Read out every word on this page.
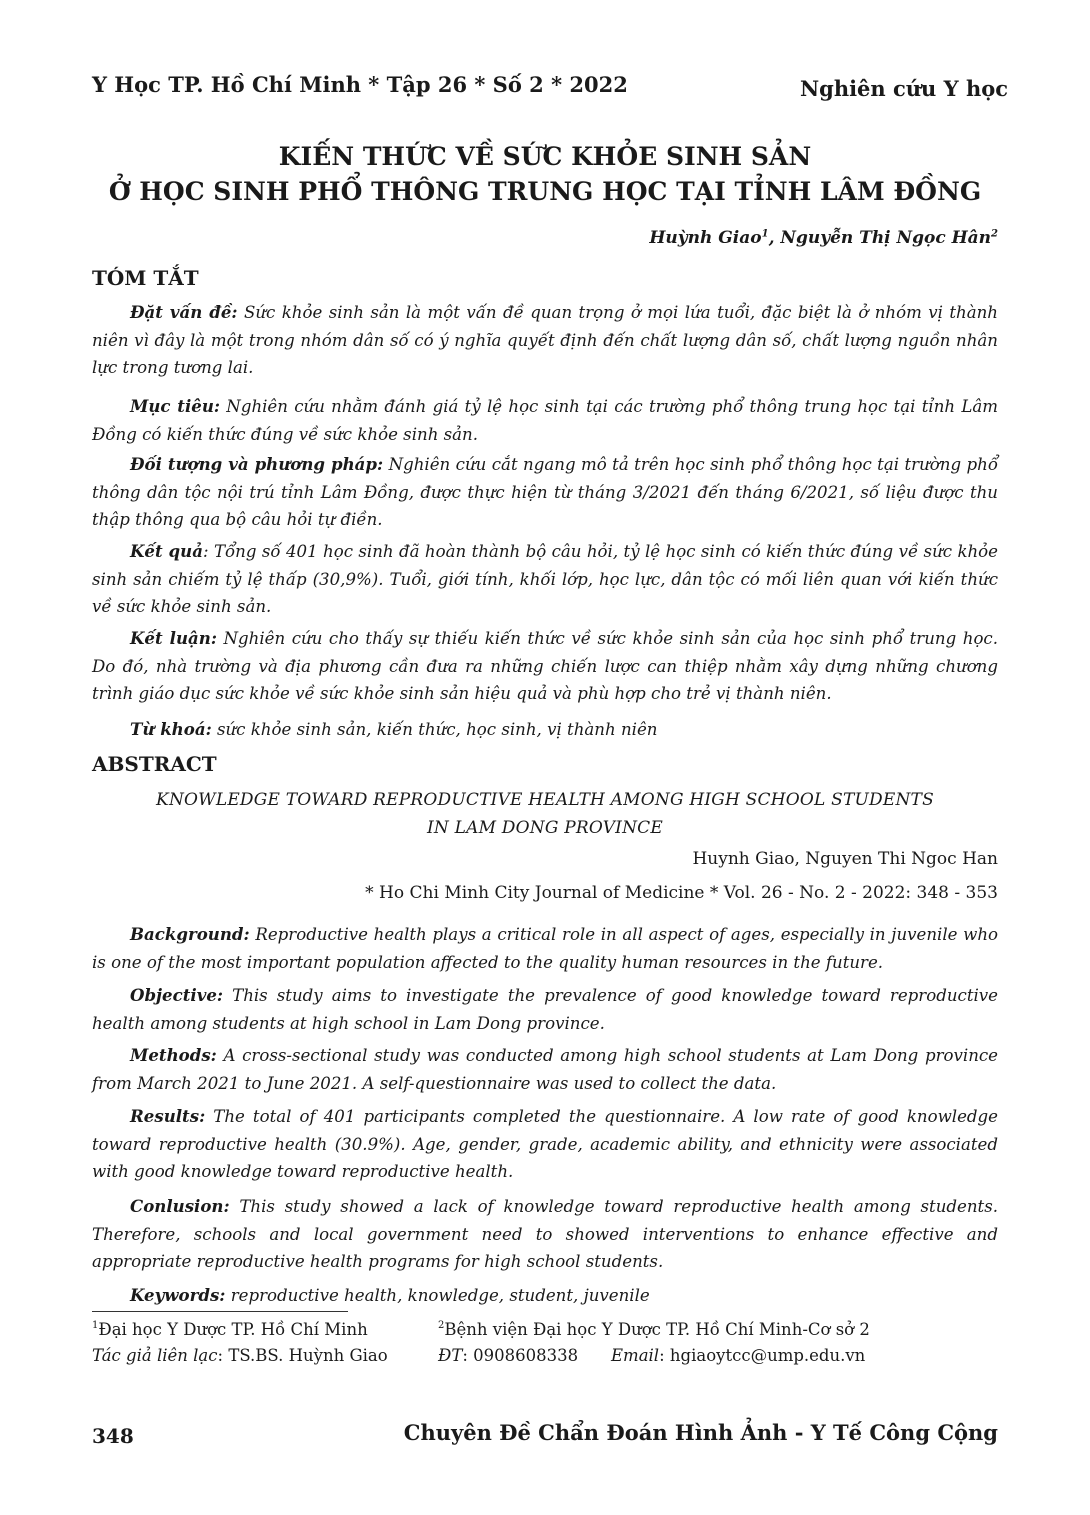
Y Học TP. Hồ Chí Minh * Tập 26 * Số 2 * 2022	Nghiên cứu Y học
KIẾN THỨC VỀ SỨC KHỎE SINH SẢN
Ở HỌC SINH PHỔ THÔNG TRUNG HỌC TẠI TỈNH LÂM ĐỒNG
Huỳnh Giao$^1$, Nguyễn Thị Ngọc Hân$^2$
TÓM TẮT

Đặt vấn đề: Sức khỏe sinh sản là một vấn đề quan trọng ở mọi lứa tuổi, đặc biệt là ở nhóm vị thành niên vì đây là một trong nhóm dân số có ý nghĩa quyết định đến chất lượng dân số, chất lượng nguồn nhân lực trong tương lai.

Mục tiêu: Nghiên cứu nhằm đánh giá tỷ lệ học sinh tại các trường phổ thông trung học tại tỉnh Lâm Đồng có kiến thức đúng về sức khỏe sinh sản.

Đối tượng và phương pháp: Nghiên cứu cắt ngang mô tả trên học sinh phổ thông học tại trường phổ thông dân tộc nội trú tỉnh Lâm Đồng, được thực hiện từ tháng 3/2021 đến tháng 6/2021, số liệu được thu thập thông qua bộ câu hỏi tự điền.

Kết quả: Tổng số 401 học sinh đã hoàn thành bộ câu hỏi, tỷ lệ học sinh có kiến thức đúng về sức khỏe sinh sản chiếm tỷ lệ thấp (30,9%). Tuổi, giới tính, khối lớp, học lực, dân tộc có mối liên quan với kiến thức về sức khỏe sinh sản.

Kết luận: Nghiên cứu cho thấy sự thiếu kiến thức về sức khỏe sinh sản của học sinh phổ trung học. Do đó, nhà trường và địa phương cần đưa ra những chiến lược can thiệp nhằm xây dựng những chương trình giáo dục sức khỏe về sức khỏe sinh sản hiệu quả và phù hợp cho trẻ vị thành niên.

Từ khoá: sức khỏe sinh sản, kiến thức, học sinh, vị thành niên

ABSTRACT
KNOWLEDGE TOWARD REPRODUCTIVE HEALTH AMONG HIGH SCHOOL STUDENTS
IN LAM DONG PROVINCE
Huynh Giao, Nguyen Thi Ngoc Han
* Ho Chi Minh City Journal of Medicine * Vol. 26 - No. 2 - 2022: 348 - 353

Background: Reproductive health plays a critical role in all aspect of ages, especially in juvenile who is one of the most important population affected to the quality human resources in the future.

Objective: This study aims to investigate the prevalence of good knowledge toward reproductive health among students at high school in Lam Dong province.

Methods: A cross-sectional study was conducted among high school students at Lam Dong province from March 2021 to June 2021. A self-questionnaire was used to collect the data.

Results: The total of 401 participants completed the questionnaire. A low rate of good knowledge toward reproductive health (30.9%). Age, gender, grade, academic ability, and ethnicity were associated with good knowledge toward reproductive health.

Conlusion: This study showed a lack of knowledge toward reproductive health among students. Therefore, schools and local government need to showed interventions to enhance effective and appropriate reproductive health programs for high school students.

Keywords: reproductive health, knowledge, student, juvenile

$^1$Đại học Y Dược TP. Hồ Chí Minh	$^2$Bệnh viện Đại học Y Dược TP. Hồ Chí Minh-Cơ sở 2
Tác giả liên lạc: TS.BS. Huỳnh Giao	ĐT: 0908608338 Email: hgiaoytcc@ump.edu.vn
348	Chuyên Đề Chẩn Đoán Hình Ảnh - Y Tế Công Cộng
